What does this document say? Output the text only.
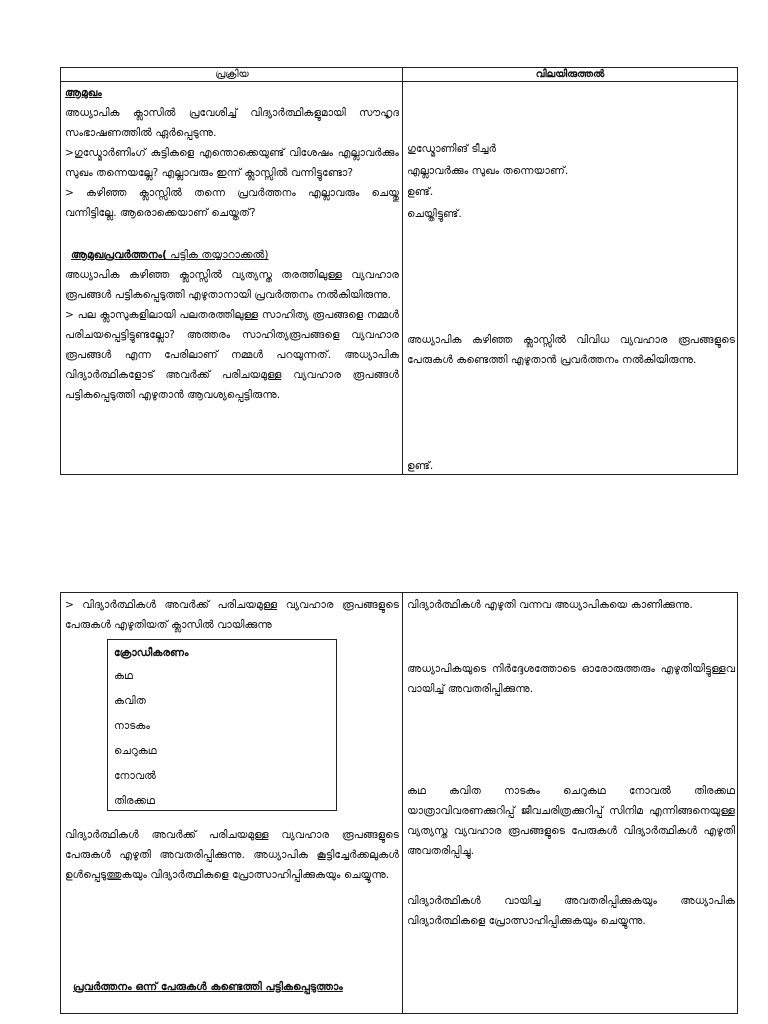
പ്രക്രിയ	വിലയിരുത്തൽ

ആമുഖം

അധ്യാപിക ക്ലാസിൽ പ്രവേശിച്ച് വിദ്യാർത്ഥികളുമായി സൗഹൃദ സംഭാഷണത്തിൽ ഏർപ്പെടുന്നു.

>ഗുഡ്മോർണിംഗ് കുട്ടികളെ എന്തൊക്കെയുണ്ട് വിശേഷം എല്ലാവർക്കും സുഖം തന്നെയല്ലേ? എല്ലാവരും ഇന്ന് ക്ലാസ്സിൽ വന്നിട്ടുണ്ടോ?

> കഴിഞ്ഞ ക്ലാസ്സിൽ തന്നെ പ്രവർത്തനം എല്ലാവരും ചെയ്തു വന്നിട്ടില്ലേ. ആരൊക്കെയാണ് ചെയ്തത്?

ആമുഖപ്രവർത്തനം( പട്ടിക തയ്യാറാക്കൽ)

അധ്യാപിക കഴിഞ്ഞ ക്ലാസ്സിൽ വ്യത്യസ്ത തരത്തിലുള്ള വ്യവഹാര രൂപങ്ങൾ പട്ടികപ്പെടുത്തി എഴുതാനായി പ്രവർത്തനം നൽകിയിരുന്നു.

> പല ക്ലാസുകളിലായി പലതരത്തിലുള്ള സാഹിത്യ രൂപങ്ങളെ നമ്മൾ പരിചയപ്പെട്ടിട്ടുണ്ടല്ലോ? അത്തരം സാഹിത്യരൂപങ്ങളെ വ്യവഹാര രൂപങ്ങൾ എന്ന പേരിലാണ് നമ്മൾ പറയുന്നത്. അധ്യാപിക വിദ്യാർത്ഥികളോട് അവർക്ക് പരിചയമുള്ള വ്യവഹാര രൂപങ്ങൾ പട്ടികപ്പെടുത്തി എഴുതാൻ ആവശ്യപ്പെട്ടിരുന്നു.

ഗുഡ്മോണിങ് ടീച്ചർ

എല്ലാവർക്കും സുഖം തന്നെയാണ്.

ഉണ്ട്.

ചെയ്തിട്ടുണ്ട്.

അധ്യാപിക കഴിഞ്ഞ ക്ലാസ്സിൽ വിവിധ വ്യവഹാര രൂപങ്ങളുടെ പേരുകൾ കണ്ടെത്തി എഴുതാൻ പ്രവർത്തനം നൽകിയിരുന്നു.

ഉണ്ട്.

> വിദ്യാർത്ഥികൾ അവർക്ക് പരിചയമുള്ള വ്യവഹാര രൂപങ്ങളുടെ പേരുകൾ എഴുതിയത് ക്ലാസിൽ വായിക്കുന്നു

ക്രോഡീകരണം
കഥ
കവിത
നാടകം
ചെറുകഥ
നോവൽ
തിരക്കഥ

വിദ്യാർത്ഥികൾ അവർക്ക് പരിചയമുള്ള വ്യവഹാര രൂപങ്ങളുടെ പേരുകൾ എഴുതി അവതരിപ്പിക്കുന്നു. അധ്യാപിക കൂട്ടിച്ചേർക്കലുകൾ ഉൾപ്പെടുത്തുകയും വിദ്യാർത്ഥികളെ പ്രോത്സാഹിപ്പിക്കുകയും ചെയ്യുന്നു.

പ്രവർത്തനം ഒന്ന് പേരുകൾ കണ്ടെത്തി പട്ടികപ്പെടുത്താം

വിദ്യാർത്ഥികൾ എഴുതി വന്നവ അധ്യാപികയെ കാണിക്കുന്നു.

അധ്യാപികയുടെ നിർദ്ദേശത്തോടെ ഓരോരുത്തരും എഴുതിയിട്ടുള്ളവ വായിച്ച് അവതരിപ്പിക്കുന്നു.

കഥ കവിത നാടകം ചെറുകഥ നോവൽ തിരക്കഥ യാത്രാവിവരണക്കുറിപ്പ് ജീവചരിത്രക്കുറിപ്പ് സിനിമ എന്നിങ്ങനെയുള്ള വ്യത്യസ്ത വ്യവഹാര രൂപങ്ങളുടെ പേരുകൾ വിദ്യാർത്ഥികൾ എഴുതി അവതരിപ്പിച്ചു.

വിദ്യാർത്ഥികൾ വായിച്ച അവതരിപ്പിക്കുകയും അധ്യാപിക വിദ്യാർത്ഥികളെ പ്രോത്സാഹിപ്പിക്കുകയും ചെയ്യുന്നു.
